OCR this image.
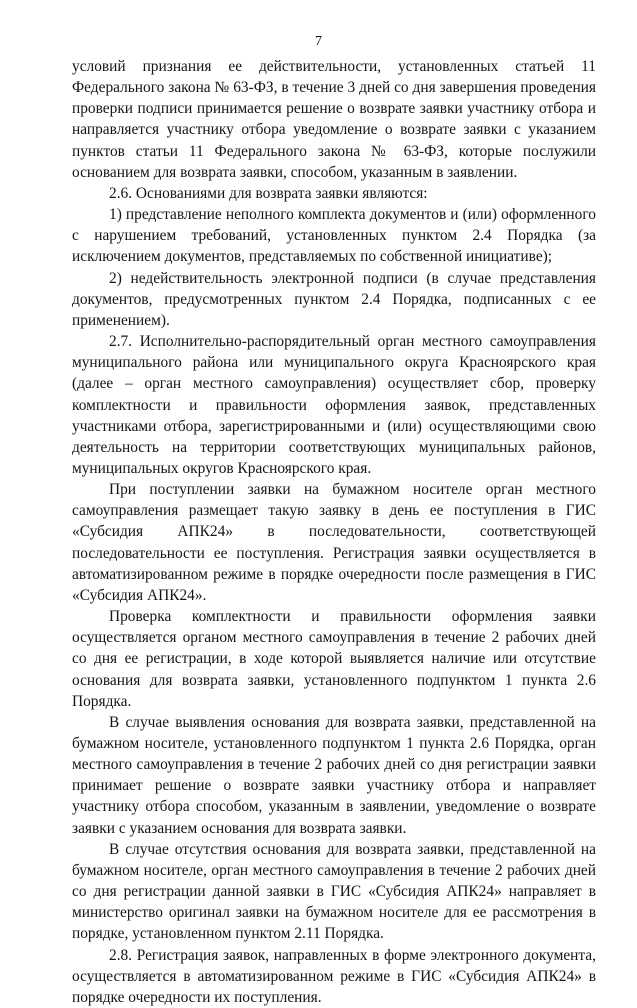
7

условий признания ее действительности, установленных статьей 11 Федерального закона № 63-ФЗ, в течение 3 дней со дня завершения проведения проверки подписи принимается решение о возврате заявки участнику отбора и направляется участнику отбора уведомление о возврате заявки с указанием пунктов статьи 11 Федерального закона № 63-ФЗ, которые послужили основанием для возврата заявки, способом, указанным в заявлении.

2.6. Основаниями для возврата заявки являются:

1) представление неполного комплекта документов и (или) оформленного с нарушением требований, установленных пунктом 2.4 Порядка (за исключением документов, представляемых по собственной инициативе);

2) недействительность электронной подписи (в случае представления документов, предусмотренных пунктом 2.4 Порядка, подписанных с ее применением).

2.7. Исполнительно-распорядительный орган местного самоуправления муниципального района или муниципального округа Красноярского края (далее – орган местного самоуправления) осуществляет сбор, проверку комплектности и правильности оформления заявок, представленных участниками отбора, зарегистрированными и (или) осуществляющими свою деятельность на территории соответствующих муниципальных районов, муниципальных округов Красноярского края.

При поступлении заявки на бумажном носителе орган местного самоуправления размещает такую заявку в день ее поступления в ГИС «Субсидия АПК24» в последовательности, соответствующей последовательности ее поступления. Регистрация заявки осуществляется в автоматизированном режиме в порядке очередности после размещения в ГИС «Субсидия АПК24».

Проверка комплектности и правильности оформления заявки осуществляется органом местного самоуправления в течение 2 рабочих дней со дня ее регистрации, в ходе которой выявляется наличие или отсутствие основания для возврата заявки, установленного подпунктом 1 пункта 2.6 Порядка.

В случае выявления основания для возврата заявки, представленной на бумажном носителе, установленного подпунктом 1 пункта 2.6 Порядка, орган местного самоуправления в течение 2 рабочих дней со дня регистрации заявки принимает решение о возврате заявки участнику отбора и направляет участнику отбора способом, указанным в заявлении, уведомление о возврате заявки с указанием основания для возврата заявки.

В случае отсутствия основания для возврата заявки, представленной на бумажном носителе, орган местного самоуправления в течение 2 рабочих дней со дня регистрации данной заявки в ГИС «Субсидия АПК24» направляет в министерство оригинал заявки на бумажном носителе для ее рассмотрения в порядке, установленном пунктом 2.11 Порядка.

2.8. Регистрация заявок, направленных в форме электронного документа, осуществляется в автоматизированном режиме в ГИС «Субсидия АПК24» в порядке очередности их поступления.
